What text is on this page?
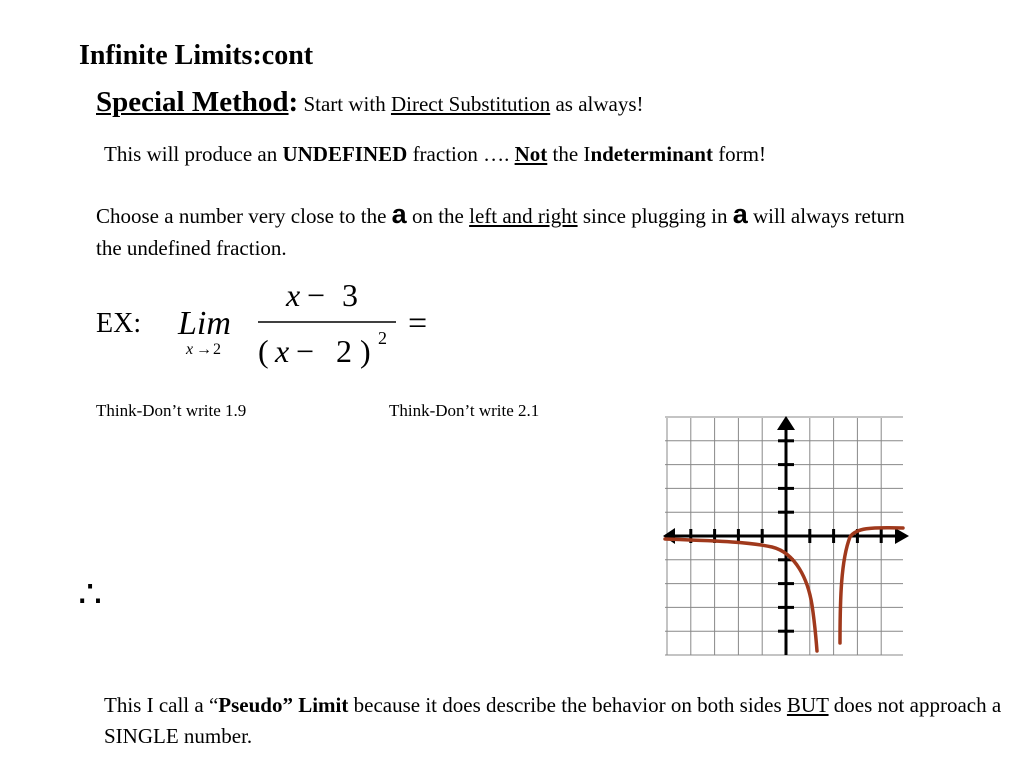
Infinite Limits:cont
Special Method: Start with Direct Substitution as always!
This will produce an UNDEFINED fraction …. Not the Indeterminant form!
Choose a number very close to the a on the left and right since plugging in a will always return the undefined fraction.
EX: Lim
x → 2
x − 3
( x − 2 ) 2 =
Think-Don’t write 1.9	Think-Don’t write 2.1
∴
This I call a “Pseudo” Limit because it does describe the behavior on both sides BUT does not approach a SINGLE number.
